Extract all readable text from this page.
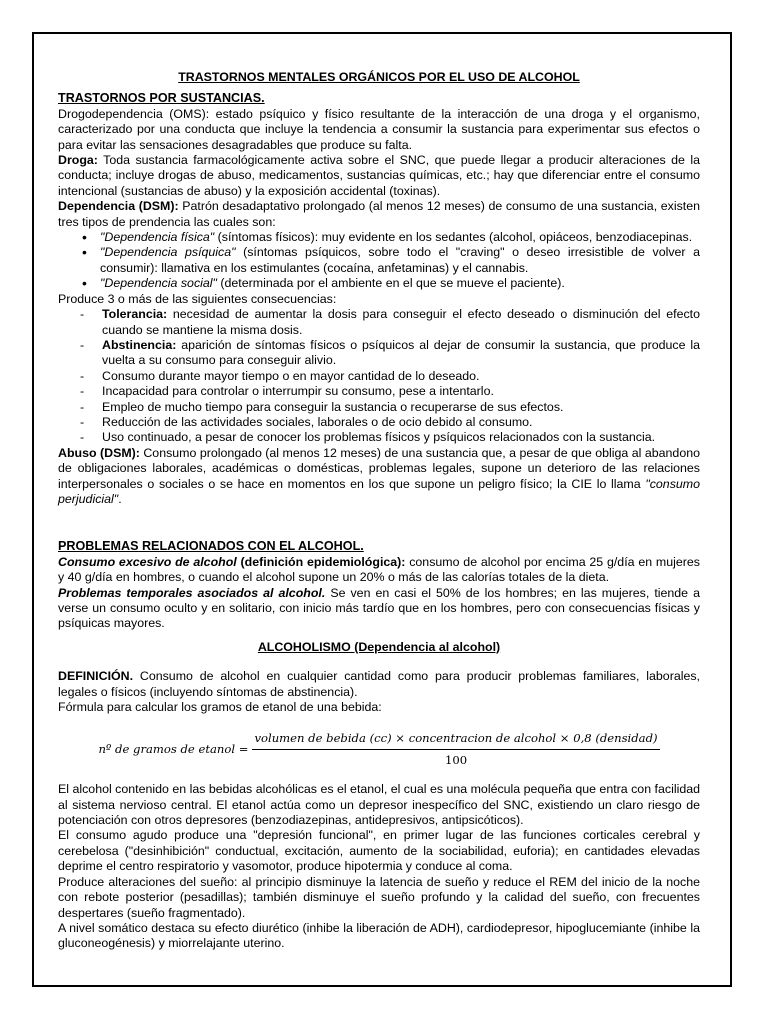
TRASTORNOS MENTALES ORGÁNICOS POR EL USO DE ALCOHOL
TRASTORNOS POR SUSTANCIAS.

Drogodependencia (OMS): estado psíquico y físico resultante de la interacción de una droga y el organismo, caracterizado por una conducta que incluye la tendencia a consumir la sustancia para experimentar sus efectos o para evitar las sensaciones desagradables que produce su falta.

Droga: Toda sustancia farmacológicamente activa sobre el SNC, que puede llegar a producir alteraciones de la conducta; incluye drogas de abuso, medicamentos, sustancias químicas, etc.; hay que diferenciar entre el consumo intencional (sustancias de abuso) y la exposición accidental (toxinas).

Dependencia (DSM): Patrón desadaptativo prolongado (al menos 12 meses) de consumo de una sustancia, existen tres tipos de prendencia las cuales son:

• "Dependencia física" (síntomas físicos): muy evidente en los sedantes (alcohol, opiáceos, benzodiacepinas.
• "Dependencia psíquica" (síntomas psíquicos, sobre todo el "craving" o deseo irresistible de volver a consumir): llamativa en los estimulantes (cocaína, anfetaminas) y el cannabis.
• "Dependencia social" (determinada por el ambiente en el que se mueve el paciente).

Produce 3 o más de las siguientes consecuencias:

- Tolerancia: necesidad de aumentar la dosis para conseguir el efecto deseado o disminución del efecto cuando se mantiene la misma dosis.
- Abstinencia: aparición de síntomas físicos o psíquicos al dejar de consumir la sustancia, que produce la vuelta a su consumo para conseguir alivio.
- Consumo durante mayor tiempo o en mayor cantidad de lo deseado.
- Incapacidad para controlar o interrumpir su consumo, pese a intentarlo.
- Empleo de mucho tiempo para conseguir la sustancia o recuperarse de sus efectos.
- Reducción de las actividades sociales, laborales o de ocio debido al consumo.
- Uso continuado, a pesar de conocer los problemas físicos y psíquicos relacionados con la sustancia.

Abuso (DSM): Consumo prolongado (al menos 12 meses) de una sustancia que, a pesar de que obliga al abandono de obligaciones laborales, académicas o domésticas, problemas legales, supone un deterioro de las relaciones interpersonales o sociales o se hace en momentos en los que supone un peligro físico; la CIE lo llama "consumo perjudicial".

PROBLEMAS RELACIONADOS CON EL ALCOHOL.

Consumo excesivo de alcohol (definición epidemiológica): consumo de alcohol por encima 25 g/día en mujeres y 40 g/día en hombres, o cuando el alcohol supone un 20% o más de las calorías totales de la dieta.

Problemas temporales asociados al alcohol. Se ven en casi el 50% de los hombres; en las mujeres, tiende a verse un consumo oculto y en solitario, con inicio más tardío que en los hombres, pero con consecuencias físicas y psíquicas mayores.

ALCOHOLISMO (Dependencia al alcohol)

DEFINICIÓN. Consumo de alcohol en cualquier cantidad como para producir problemas familiares, laborales, legales o físicos (incluyendo síntomas de abstinencia).

Fórmula para calcular los gramos de etanol de una bebida:

nº de gramos de etanol =
volumen de bebida (cc) × concentracion de alcohol × 0,8 (densidad)
100

El alcohol contenido en las bebidas alcohólicas es el etanol, el cual es una molécula pequeña que entra con facilidad al sistema nervioso central. El etanol actúa como un depresor inespecífico del SNC, existiendo un claro riesgo de potenciación con otros depresores (benzodiazepinas, antidepresivos, antipsicóticos).

El consumo agudo produce una "depresión funcional", en primer lugar de las funciones corticales cerebral y cerebelosa ("desinhibición" conductual, excitación, aumento de la sociabilidad, euforia); en cantidades elevadas deprime el centro respiratorio y vasomotor, produce hipotermia y conduce al coma.

Produce alteraciones del sueño: al principio disminuye la latencia de sueño y reduce el REM del inicio de la noche con rebote posterior (pesadillas); también disminuye el sueño profundo y la calidad del sueño, con frecuentes despertares (sueño fragmentado).

A nivel somático destaca su efecto diurético (inhibe la liberación de ADH), cardiodepresor, hipoglucemiante (inhibe la gluconeogénesis) y miorrelajante uterino.
